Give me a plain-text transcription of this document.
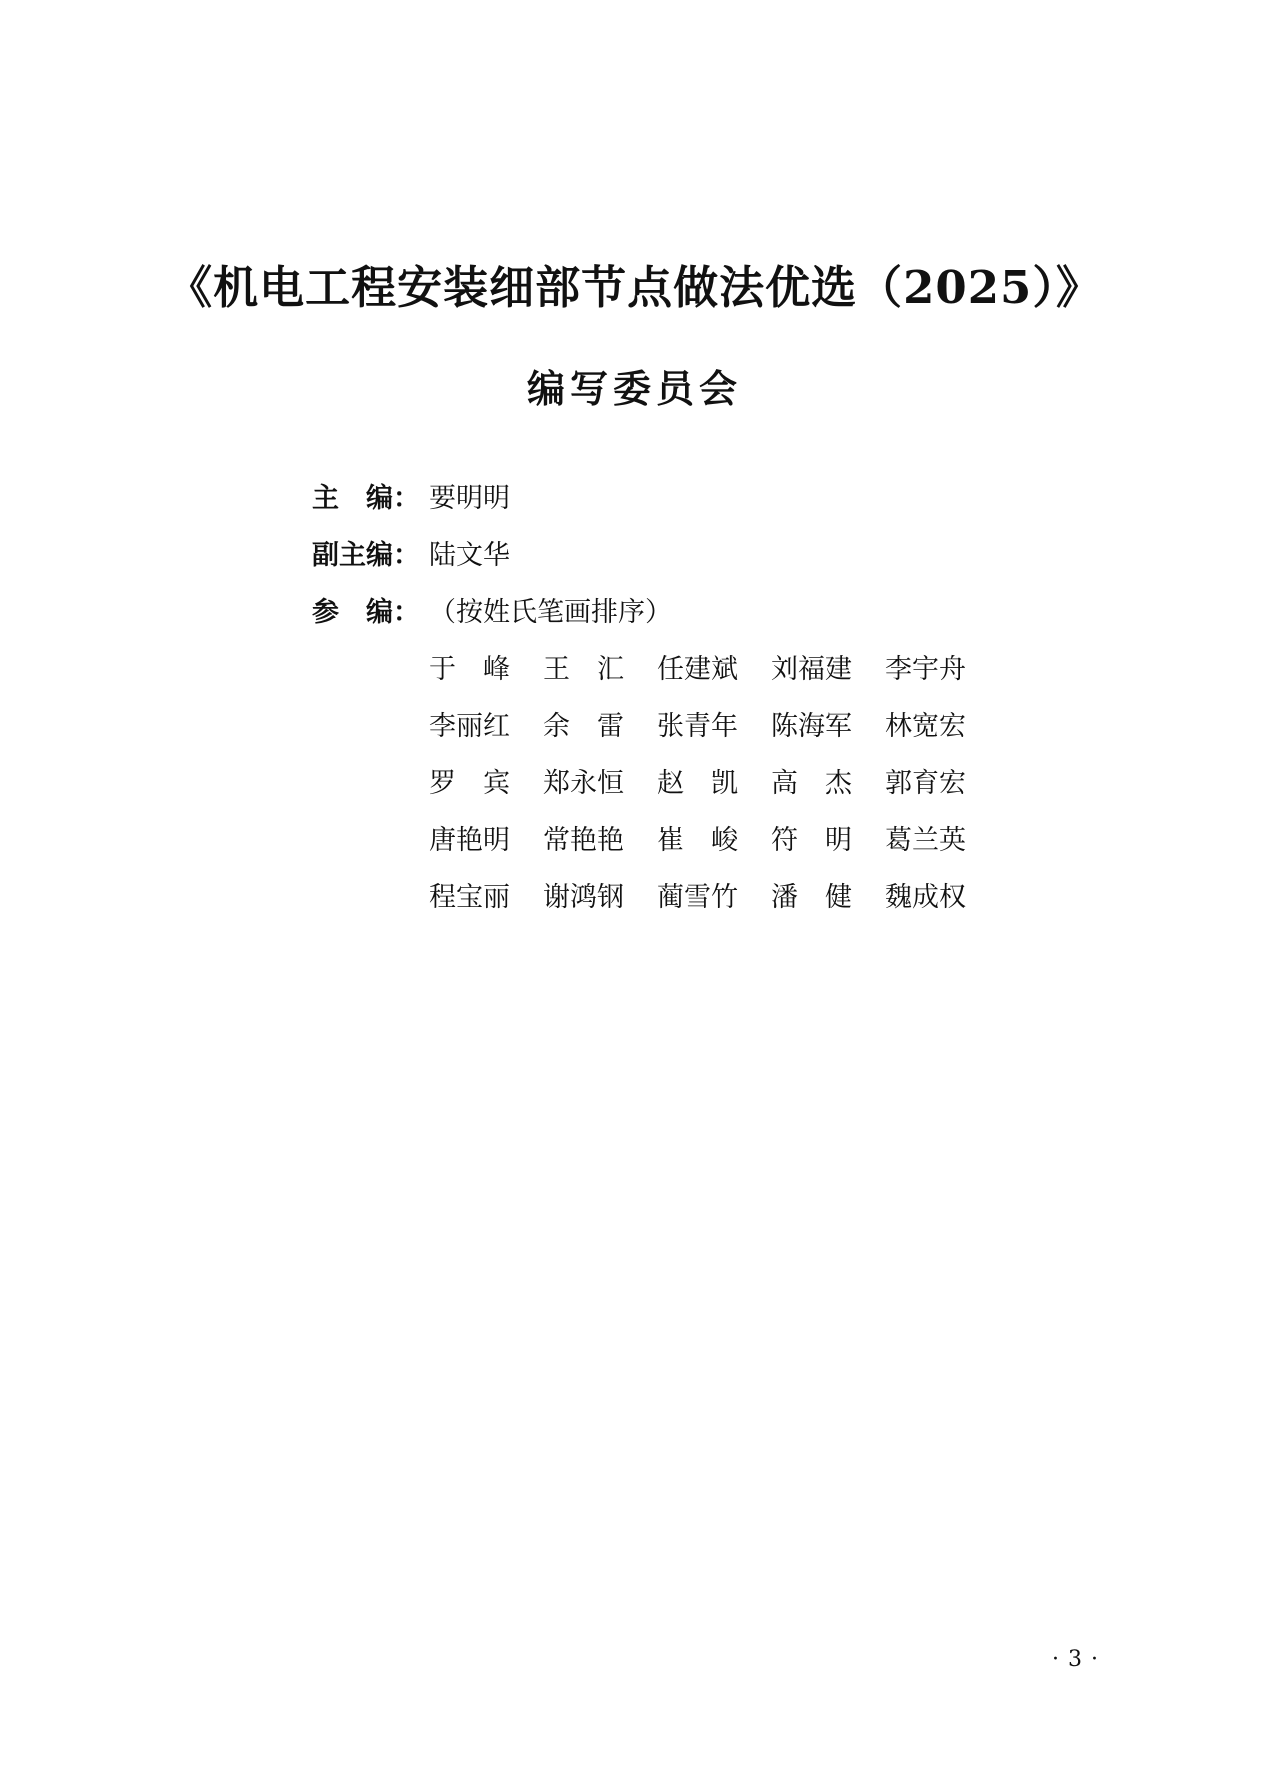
《机电工程安装细部节点做法优选（2025）》
编写委员会
主　编： 要明明
副主编： 陆文华
参　编： （按姓氏笔画排序）
于　峰 王　汇 任建斌 刘福建 李宇舟
李丽红 余　雷 张青年 陈海军 林宽宏
罗　宾 郑永恒 赵　凯 高　杰 郭育宏
唐艳明 常艳艳 崔　峻 符　明 葛兰英
程宝丽 谢鸿钢 蔺雪竹 潘　健 魏成权
· 3 ·
